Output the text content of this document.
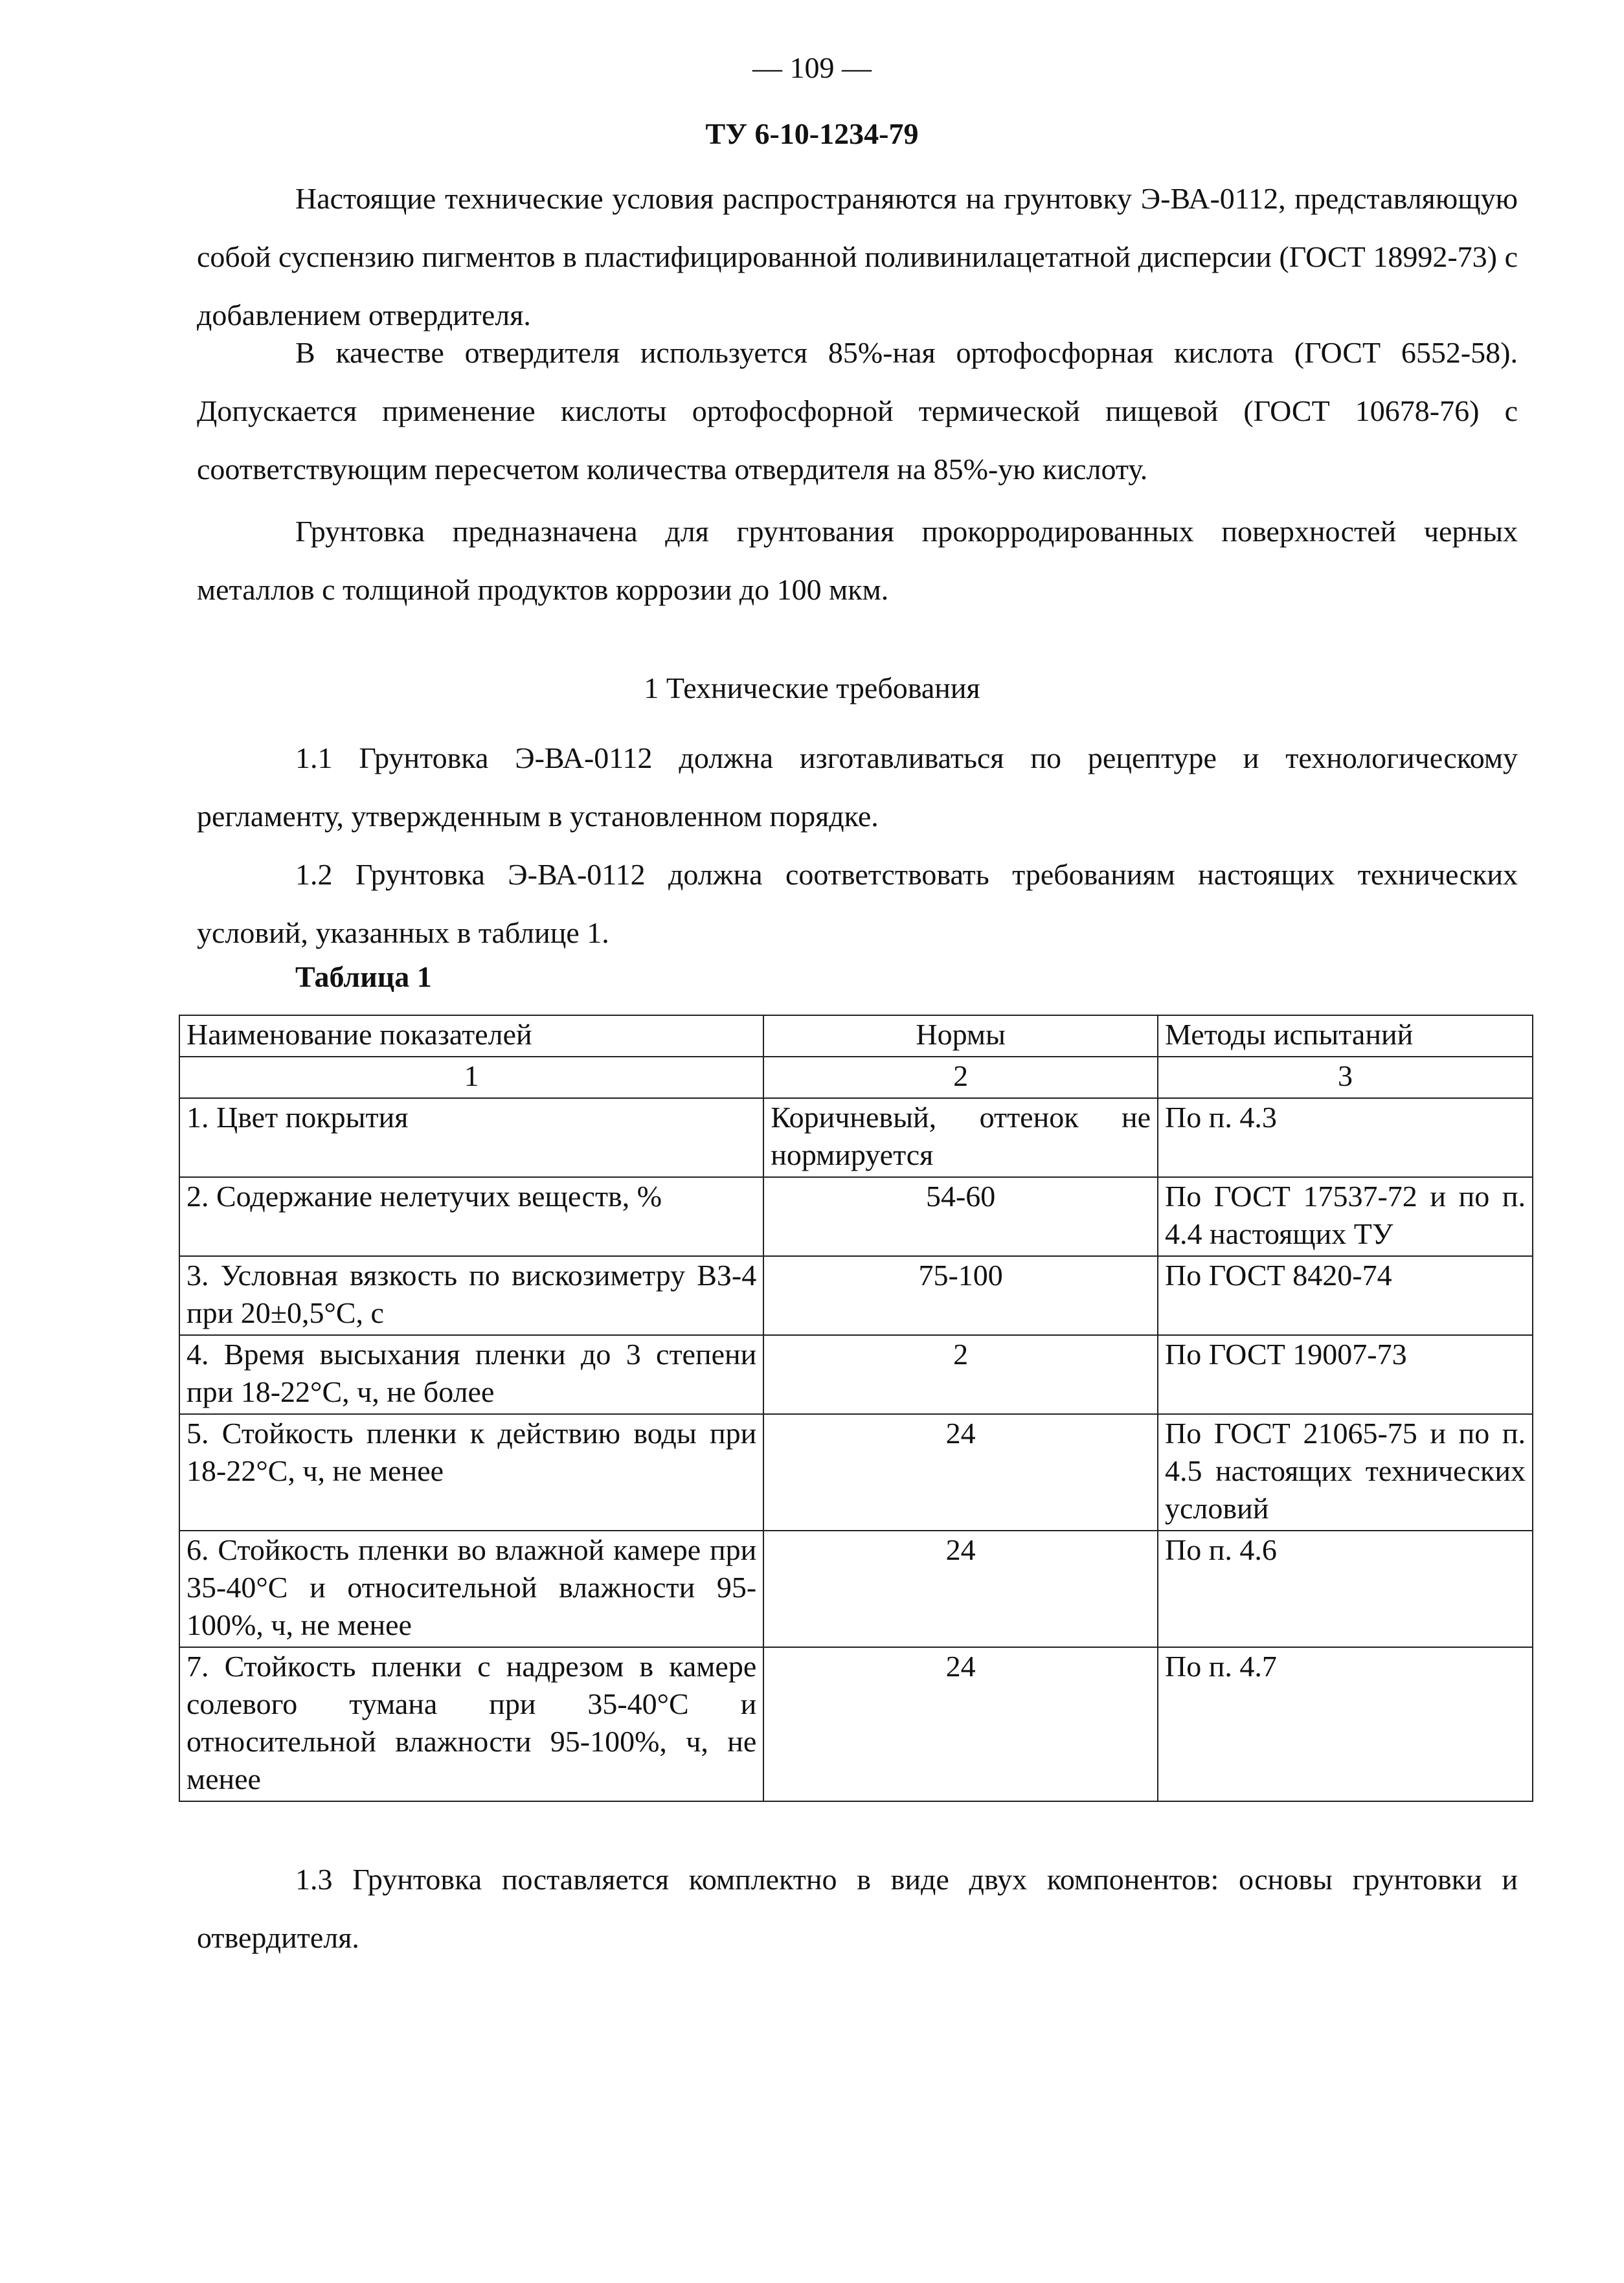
— 109 —
ТУ 6-10-1234-79

Настоящие технические условия распространяются на грунтовку Э-ВА-0112, представляющую собой суспензию пигментов в пластифицированной поливинилацетатной дисперсии (ГОСТ 18992-73) с добавлением отвердителя.

В качестве отвердителя используется 85%-ная ортофосфорная кислота (ГОСТ 6552-58). Допускается применение кислоты ортофосфорной термической пищевой (ГОСТ 10678-76) с соответствующим пересчетом количества отвердителя на 85%-ую кислоту.

Грунтовка предназначена для грунтования прокорродированных поверхностей черных металлов с толщиной продуктов коррозии до 100 мкм.

1 Технические требования

1.1 Грунтовка Э-ВА-0112 должна изготавливаться по рецептуре и технологическому регламенту, утвержденным в установленном порядке.

1.2 Грунтовка Э-ВА-0112 должна соответствовать требованиям настоящих технических условий, указанных в таблице 1.

Таблица 1
Наименование показателей	Нормы	Методы испытаний
1	2	3
1. Цвет покрытия	Коричневый, оттенок не нормируется	По п. 4.3
2. Содержание нелетучих веществ, %	54-60	По ГОСТ 17537-72 и по п. 4.4 настоящих ТУ
3. Условная вязкость по вискозиметру ВЗ-4 при 20±0,5°С, с	75-100	По ГОСТ 8420-74
4. Время высыхания пленки до 3 степени при 18-22°С, ч, не более	2	По ГОСТ 19007-73
5. Стойкость пленки к действию воды при 18-22°С, ч, не менее	24	По ГОСТ 21065-75 и по п. 4.5 настоящих технических условий
6. Стойкость пленки во влажной камере при 35-40°С и относительной влажности 95-100%, ч, не менее	24	По п. 4.6
7. Стойкость пленки с надрезом в камере солевого тумана при 35-40°С и относительной влажности 95-100%, ч, не менее	24	По п. 4.7

1.3 Грунтовка поставляется комплектно в виде двух компонентов: основы грунтовки и отвердителя.
